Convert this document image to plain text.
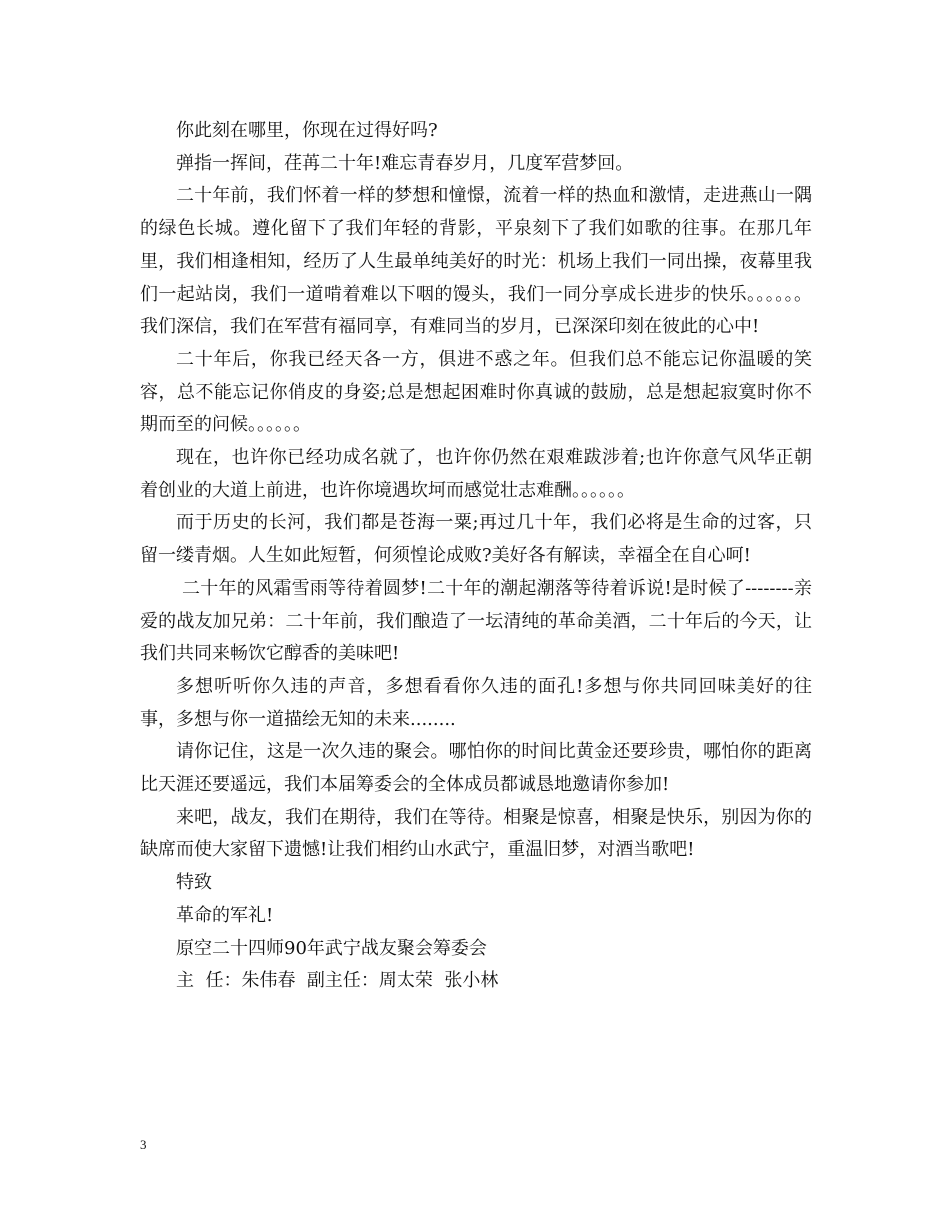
你此刻在哪里，你现在过得好吗?

弹指一挥间，荏苒二十年!难忘青春岁月，几度军营梦回。

二十年前，我们怀着一样的梦想和憧憬，流着一样的热血和激情，走进燕山一隅的绿色长城。遵化留下了我们年轻的背影，平泉刻下了我们如歌的往事。在那几年里，我们相逢相知，经历了人生最单纯美好的时光：机场上我们一同出操，夜幕里我们一起站岗，我们一道啃着难以下咽的馒头，我们一同分享成长进步的快乐。。。。。。我们深信，我们在军营有福同享，有难同当的岁月，已深深印刻在彼此的心中!

二十年后，你我已经天各一方，俱进不惑之年。但我们总不能忘记你温暖的笑容，总不能忘记你俏皮的身姿;总是想起困难时你真诚的鼓励，总是想起寂寞时你不期而至的问候。。。。。。

现在，也许你已经功成名就了，也许你仍然在艰难跋涉着;也许你意气风华正朝着创业的大道上前进，也许你境遇坎坷而感觉壮志难酬。。。。。。

而于历史的长河，我们都是苍海一粟;再过几十年，我们必将是生命的过客，只留一缕青烟。人生如此短暂，何须惶论成败?美好各有解读，幸福全在自心呵!

二十年的风霜雪雨等待着圆梦!二十年的潮起潮落等待着诉说!是时候了--------亲爱的战友加兄弟：二十年前，我们酿造了一坛清纯的革命美酒，二十年后的今天，让我们共同来畅饮它醇香的美味吧!

多想听听你久违的声音，多想看看你久违的面孔!多想与你共同回味美好的往事，多想与你一道描绘无知的未来........

请你记住，这是一次久违的聚会。哪怕你的时间比黄金还要珍贵，哪怕你的距离比天涯还要遥远，我们本届筹委会的全体成员都诚恳地邀请你参加!

来吧，战友，我们在期待，我们在等待。相聚是惊喜，相聚是快乐，别因为你的缺席而使大家留下遗憾!让我们相约山水武宁，重温旧梦，对酒当歌吧!

特致

革命的军礼!

原空二十四师90年武宁战友聚会筹委会

主  任：朱伟春  副主任：周太荣  张小林

3
